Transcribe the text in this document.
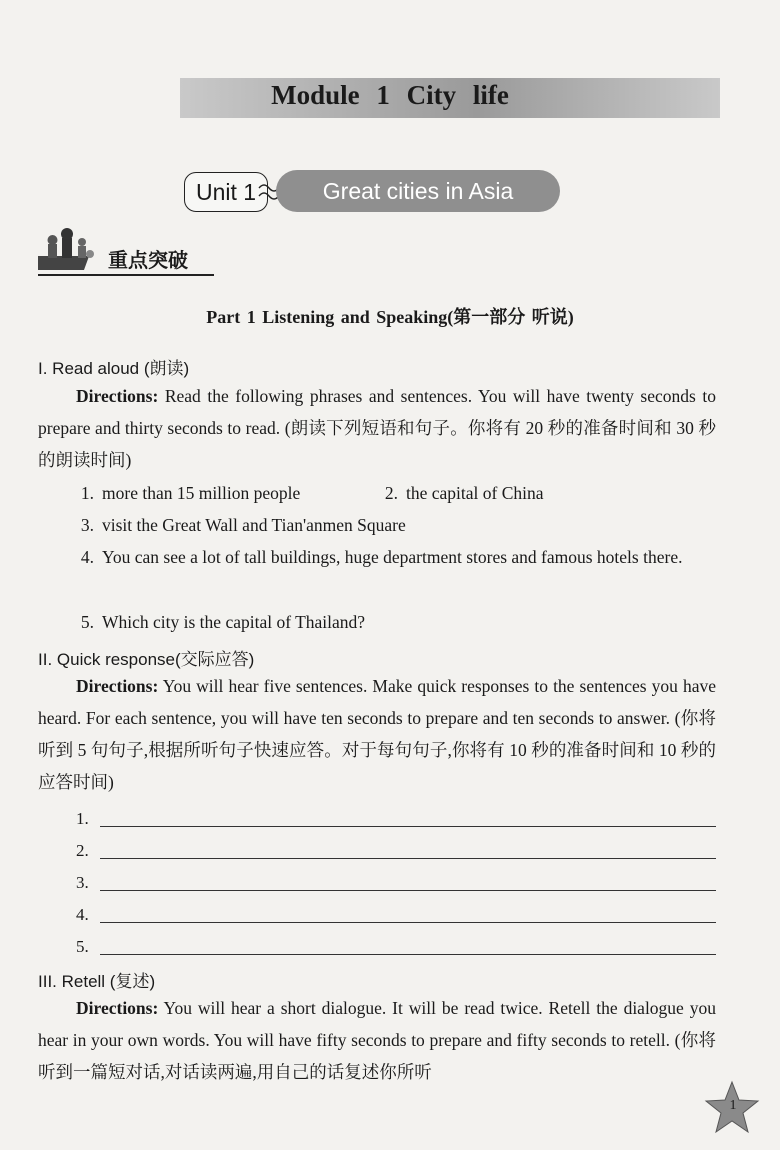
Module 1 City life
Unit 1	Great cities in Asia
重点突破
Part 1 Listening and Speaking(第一部分 听说)
I. Read aloud (朗读)
Directions: Read the following phrases and sentences. You will have twenty seconds to prepare and thirty seconds to read. (朗读下列短语和句子。你将有 20 秒的准备时间和 30 秒的朗读时间)
1. more than 15 million people	2. the capital of China
3. visit the Great Wall and Tian'anmen Square
4. You can see a lot of tall buildings, huge department stores and famous hotels there.
5. Which city is the capital of Thailand?
II. Quick response(交际应答)
Directions: You will hear five sentences. Make quick responses to the sentences you have heard. For each sentence, you will have ten seconds to prepare and ten seconds to answer. (你将听到 5 句句子,根据所听句子快速应答。对于每句句子,你将有 10 秒的准备时间和 10 秒的应答时间)
1.
2.
3.
4.
5.
III. Retell (复述)
Directions: You will hear a short dialogue. It will be read twice. Retell the dialogue you hear in your own words. You will have fifty seconds to prepare and fifty seconds to retell. (你将听到一篇短对话,对话读两遍,用自己的话复述你所听
1
